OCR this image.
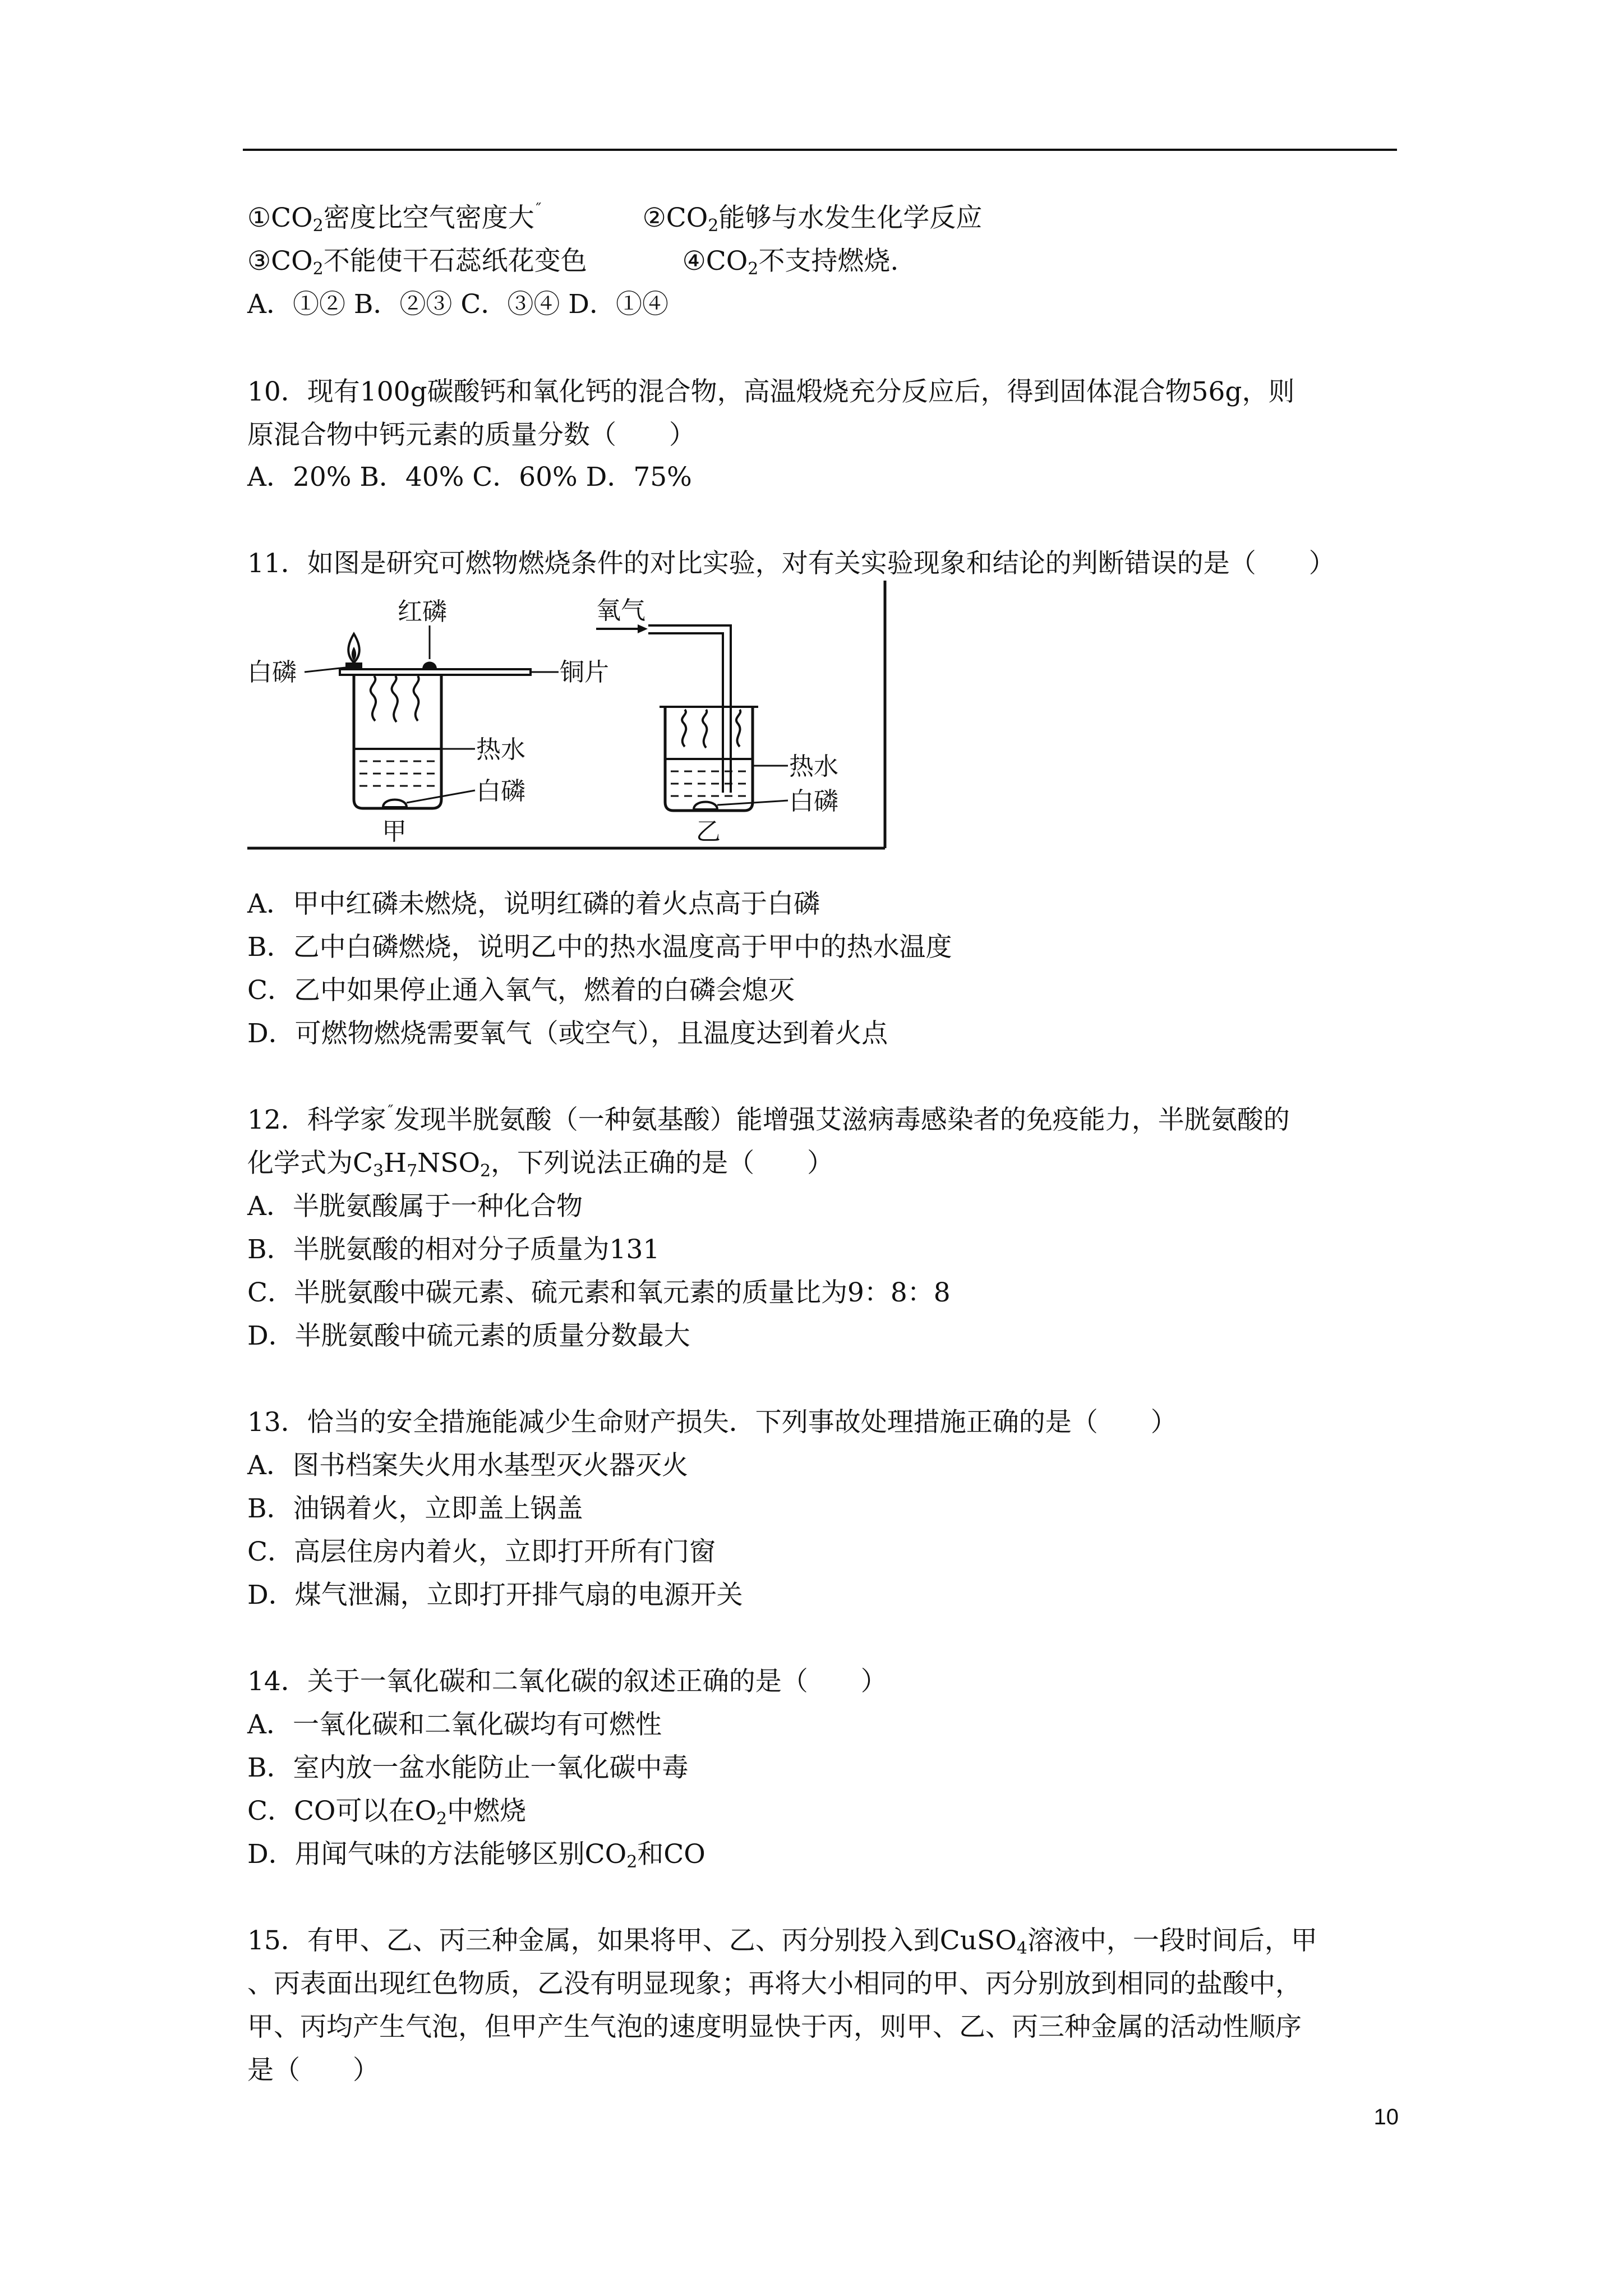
$①CO_2$密度比空气密度大˝	$②CO_2$能够与水发生化学反应
$③CO_2$不能使干石蕊纸花变色	$④CO_2$不支持燃烧.
A．①② B．②③ C．③④ D．①④
10．现有100g碳酸钙和氧化钙的混合物，高温煅烧充分反应后，得到固体混合物56g，则
原混合物中钙元素的质量分数（　　）
A．20% B．40% C．60% D．75%
11．如图是研究可燃物燃烧条件的对比实验，对有关实验现象和结论的判断错误的是（　　）
红磷
白磷	铜片
热水
白磷
甲
氧气
热水
白磷
乙
A．甲中红磷未燃烧，说明红磷的着火点高于白磷
B．乙中白磷燃烧，说明乙中的热水温度高于甲中的热水温度
C．乙中如果停止通入氧气，燃着的白磷会熄灭
D．可燃物燃烧需要氧气（或空气），且温度达到着火点
12．科学家˝发现半胱氨酸（一种氨基酸）能增强艾滋病毒感染者的免疫能力，半胱氨酸的
化学式为$C_3H_7NSO_2$，下列说法正确的是（　　）
A．半胱氨酸属于一种化合物
B．半胱氨酸的相对分子质量为131
C．半胱氨酸中碳元素、硫元素和氧元素的质量比为9：8：8
D．半胱氨酸中硫元素的质量分数最大
13．恰当的安全措施能减少生命财产损失．下列事故处理措施正确的是（　　）
A．图书档案失火用水基型灭火器灭火
B．油锅着火，立即盖上锅盖
C．高层住房内着火，立即打开所有门窗
D．煤气泄漏，立即打开排气扇的电源开关
14．关于一氧化碳和二氧化碳的叙述正确的是（　　）
A．一氧化碳和二氧化碳均有可燃性
B．室内放一盆水能防止一氧化碳中毒
C．CO可以在$O_2$中燃烧
D．用闻气味的方法能够区别$CO_2$和CO
15．有甲、乙、丙三种金属，如果将甲、乙、丙分别投入到CuSO$_4$溶液中，一段时间后，甲
、丙表面出现红色物质，乙没有明显现象；再将大小相同的甲、丙分别放到相同的盐酸中，
甲、丙均产生气泡，但甲产生气泡的速度明显快于丙，则甲、乙、丙三种金属的活动性顺序
是（　　）
10
